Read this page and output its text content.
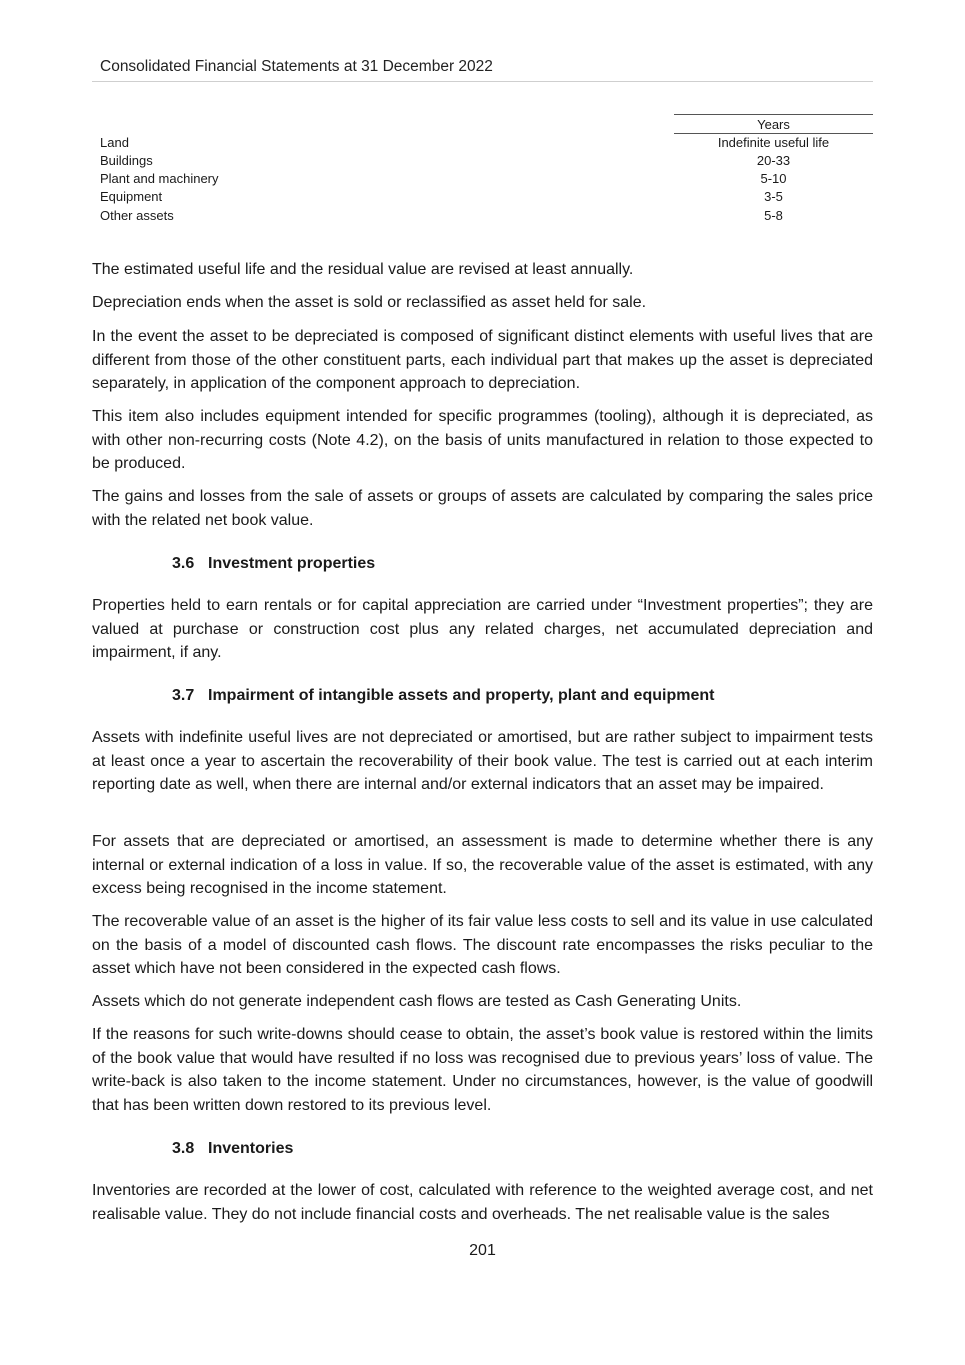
Consolidated Financial Statements at 31 December 2022
Years
Land	Indefinite useful life
Buildings	20-33
Plant and machinery	5-10
Equipment	3-5
Other assets	5-8

The estimated useful life and the residual value are revised at least annually.

Depreciation ends when the asset is sold or reclassified as asset held for sale.

In the event the asset to be depreciated is composed of significant distinct elements with useful lives that are different from those of the other constituent parts, each individual part that makes up the asset is depreciated separately, in application of the component approach to depreciation.

This item also includes equipment intended for specific programmes (tooling), although it is depreciated, as with other non-recurring costs (Note 4.2), on the basis of units manufactured in relation to those expected to be produced.

The gains and losses from the sale of assets or groups of assets are calculated by comparing the sales price with the related net book value.

3.6 Investment properties

Properties held to earn rentals or for capital appreciation are carried under “Investment properties”; they are valued at purchase or construction cost plus any related charges, net accumulated depreciation and impairment, if any.

3.7 Impairment of intangible assets and property, plant and equipment

Assets with indefinite useful lives are not depreciated or amortised, but are rather subject to impairment tests at least once a year to ascertain the recoverability of their book value. The test is carried out at each interim reporting date as well, when there are internal and/or external indicators that an asset may be impaired.

For assets that are depreciated or amortised, an assessment is made to determine whether there is any internal or external indication of a loss in value. If so, the recoverable value of the asset is estimated, with any excess being recognised in the income statement.

The recoverable value of an asset is the higher of its fair value less costs to sell and its value in use calculated on the basis of a model of discounted cash flows. The discount rate encompasses the risks peculiar to the asset which have not been considered in the expected cash flows.

Assets which do not generate independent cash flows are tested as Cash Generating Units.

If the reasons for such write-downs should cease to obtain, the asset’s book value is restored within the limits of the book value that would have resulted if no loss was recognised due to previous years’ loss of value. The write-back is also taken to the income statement. Under no circumstances, however, is the value of goodwill that has been written down restored to its previous level.

3.8 Inventories

Inventories are recorded at the lower of cost, calculated with reference to the weighted average cost, and net realisable value. They do not include financial costs and overheads. The net realisable value is the sales

201
